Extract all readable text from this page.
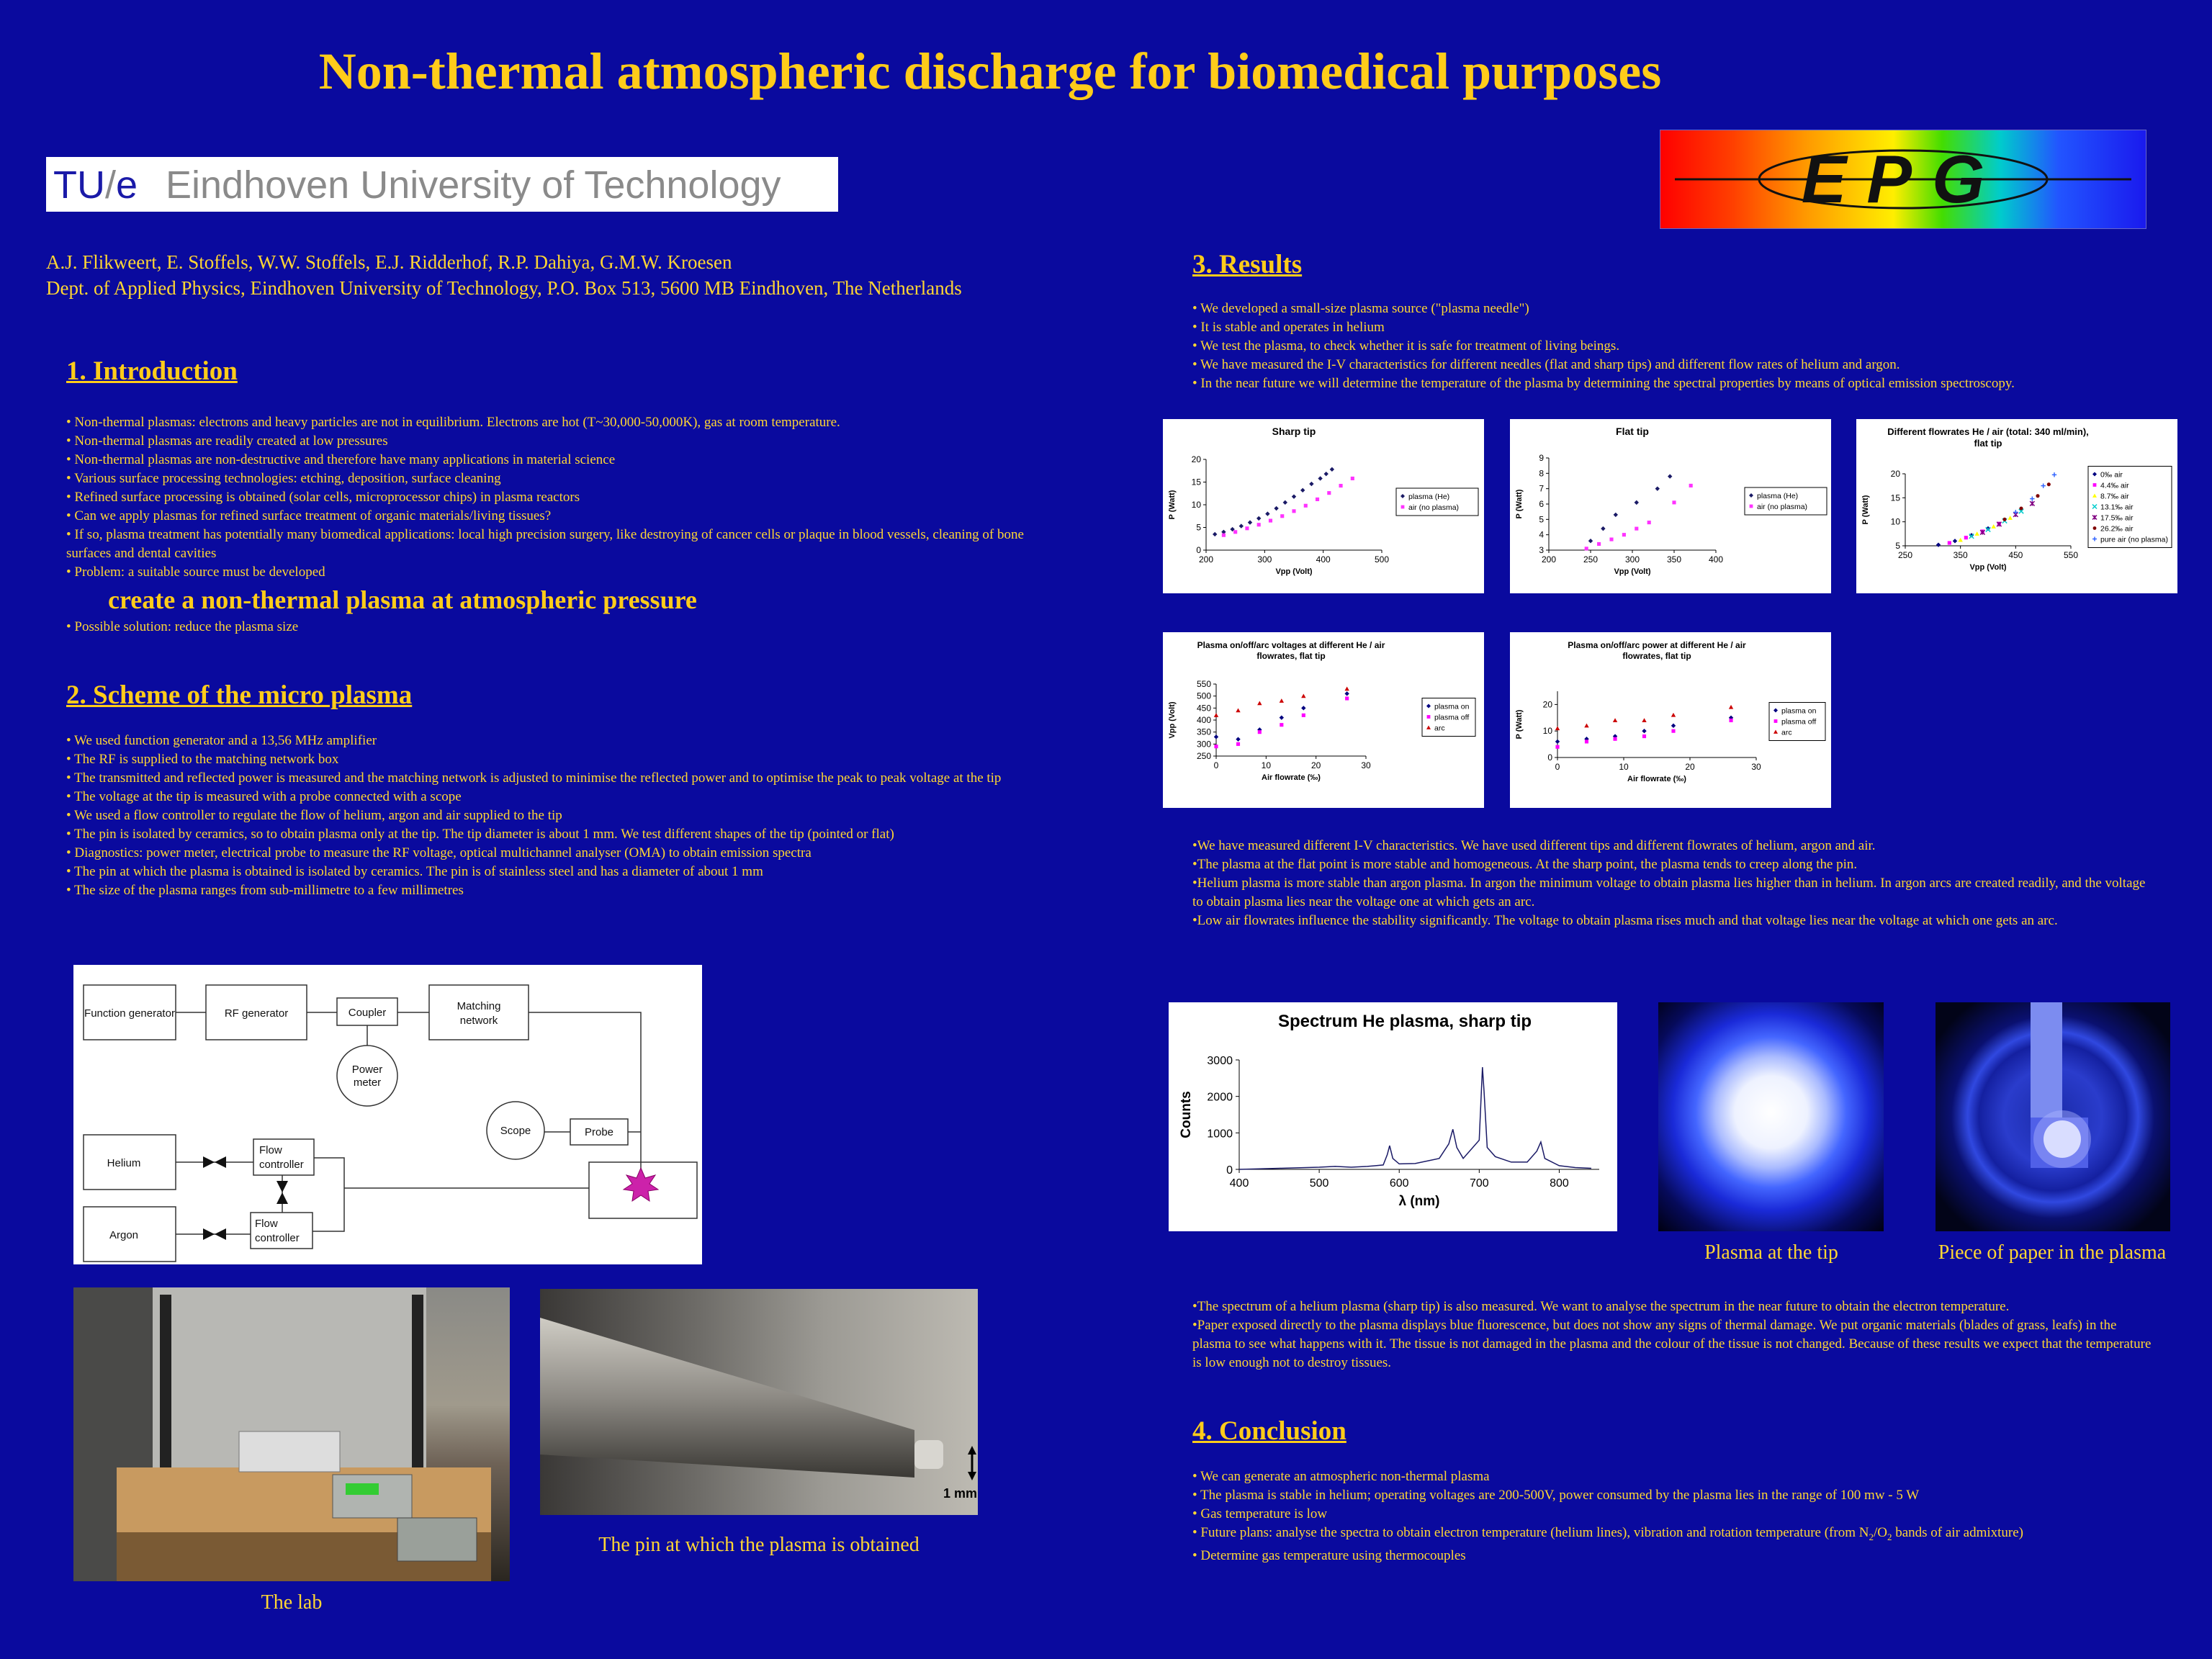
Non-thermal atmospheric discharge for biomedical purposes
TU/e Eindhoven University of Technology	EPG
A.J. Flikweert, E. Stoffels, W.W. Stoffels, E.J. Ridderhof, R.P. Dahiya, G.M.W. Kroesen
Dept. of Applied Physics, Eindhoven University of Technology, P.O. Box 513, 5600 MB Eindhoven, The Netherlands
1. Introduction
• Non-thermal plasmas: electrons and heavy particles are not in equilibrium. Electrons are hot (T~30,000-50,000K), gas at room temperature.
• Non-thermal plasmas are readily created at low pressures
• Non-thermal plasmas are non-destructive and therefore have many applications in material science
• Various surface processing technologies: etching, deposition, surface cleaning
• Refined surface processing is obtained (solar cells, microprocessor chips) in plasma reactors
• Can we apply plasmas for refined surface treatment of organic materials/living tissues?
• If so, plasma treatment has potentially many biomedical applications: local high precision surgery, like destroying of cancer cells or plaque in blood vessels, cleaning of bone surfaces and dental cavities
• Problem: a suitable source must be developed
create a non-thermal plasma at atmospheric pressure
• Possible solution: reduce the plasma size
2. Scheme of the micro plasma
• We used function generator and a 13,56 MHz amplifier
• The RF is supplied to the matching network box
• The transmitted and reflected power is measured and the matching network is adjusted to minimise the reflected power and to optimise the peak to peak voltage at the tip
• The voltage at the tip is measured with a probe connected with a scope
• We used a flow controller to regulate the flow of helium, argon and air supplied to the tip
• The pin is isolated by ceramics, so to obtain plasma only at the tip. The tip diameter is about 1 mm. We test different shapes of the tip (pointed or flat)
• Diagnostics: power meter, electrical probe to measure the RF voltage, optical multichannel analyser (OMA) to obtain emission spectra
• The pin at which the plasma is obtained is isolated by ceramics. The pin is of stainless steel and has a diameter of about 1 mm
• The size of the plasma ranges from sub-millimetre to a few millimetres
Function generator	RF generator	Coupler
Matching
network
Power
meter
Scope	Probe
Helium
Argon
Flow
controller
Flow
controller
The lab
1 mm
The pin at which the plasma is obtained
3. Results
• We developed a small-size plasma source ("plasma needle")
• It is stable and operates in helium
• We test the plasma, to check whether it is safe for treatment of living beings.
• We have measured the I-V characteristics for different needles (flat and sharp tips) and different flow rates of helium and argon.
• In the near future we will determine the temperature of the plasma by determining the spectral properties by means of optical emission spectroscopy.
Sharp tip
0
5
10
15
20
200	300	400	500
Vpp (Volt)
P (Watt)	plasma (He)
air (no plasma)
Flat tip
3
4
5
6
7
8
9
200	250	300	350	400
Vpp (Volt)
P (Watt)	plasma (He)
air (no plasma)
Different flowrates He / air (total: 340 ml/min),
flat tip
5
10
15
20
250	350	450	550
Vpp (Volt)
P (Watt)
0‰ air
4.4‰ air
8.7‰ air
13.1‰ air
17.5‰ air
26.2‰ air
pure air (no plasma)
Plasma on/off/arc voltages at different He / air
flowrates, flat tip
250
300
350
400
450
500
550
0	10	20	30
Air flowrate (‰)
Vpp (Volt)	plasma on
plasma off
arc
Plasma on/off/arc power at different He / air
flowrates, flat tip
0
10
20
0	10	20	30
Air flowrate (‰)
P (Watt)	plasma on
plasma off
arc

•We have measured different I-V characteristics. We have used different tips and different flowrates of helium, argon and air.

•The plasma at the flat point is more stable and homogeneous. At the sharp point, the plasma tends to creep along the pin.

•Helium plasma is more stable than argon plasma. In argon the minimum voltage to obtain plasma lies higher than in helium. In argon arcs are created readily, and the voltage to obtain plasma lies near the voltage one at which gets an arc.

•Low air flowrates influence the stability significantly. The voltage to obtain plasma rises much and that voltage lies near the voltage at which one gets an arc.

Spectrum He plasma, sharp tip
0
1000
2000
3000
400	500	600	700	800
λ (nm)
Counts
Plasma at the tip	Piece of paper in the plasma

•The spectrum of a helium plasma (sharp tip) is also measured. We want to analyse the spectrum in the near future to obtain the electron temperature.

•Paper exposed directly to the plasma displays blue fluorescence, but does not show any signs of thermal damage. We put organic materials (blades of grass, leafs) in the plasma to see what happens with it. The tissue is not damaged in the plasma and the colour of the tissue is not changed. Because of these results we expect that the temperature is low enough not to destroy tissues.

4. Conclusion
• We can generate an atmospheric non-thermal plasma
• The plasma is stable in helium; operating voltages are 200-500V, power consumed by the plasma lies in the range of 100 mw - 5 W
• Gas temperature is low
• Future plans: analyse the spectra to obtain electron temperature (helium lines), vibration and rotation temperature (from $N_2/O_2$ bands of air admixture)
• Determine gas temperature using thermocouples
